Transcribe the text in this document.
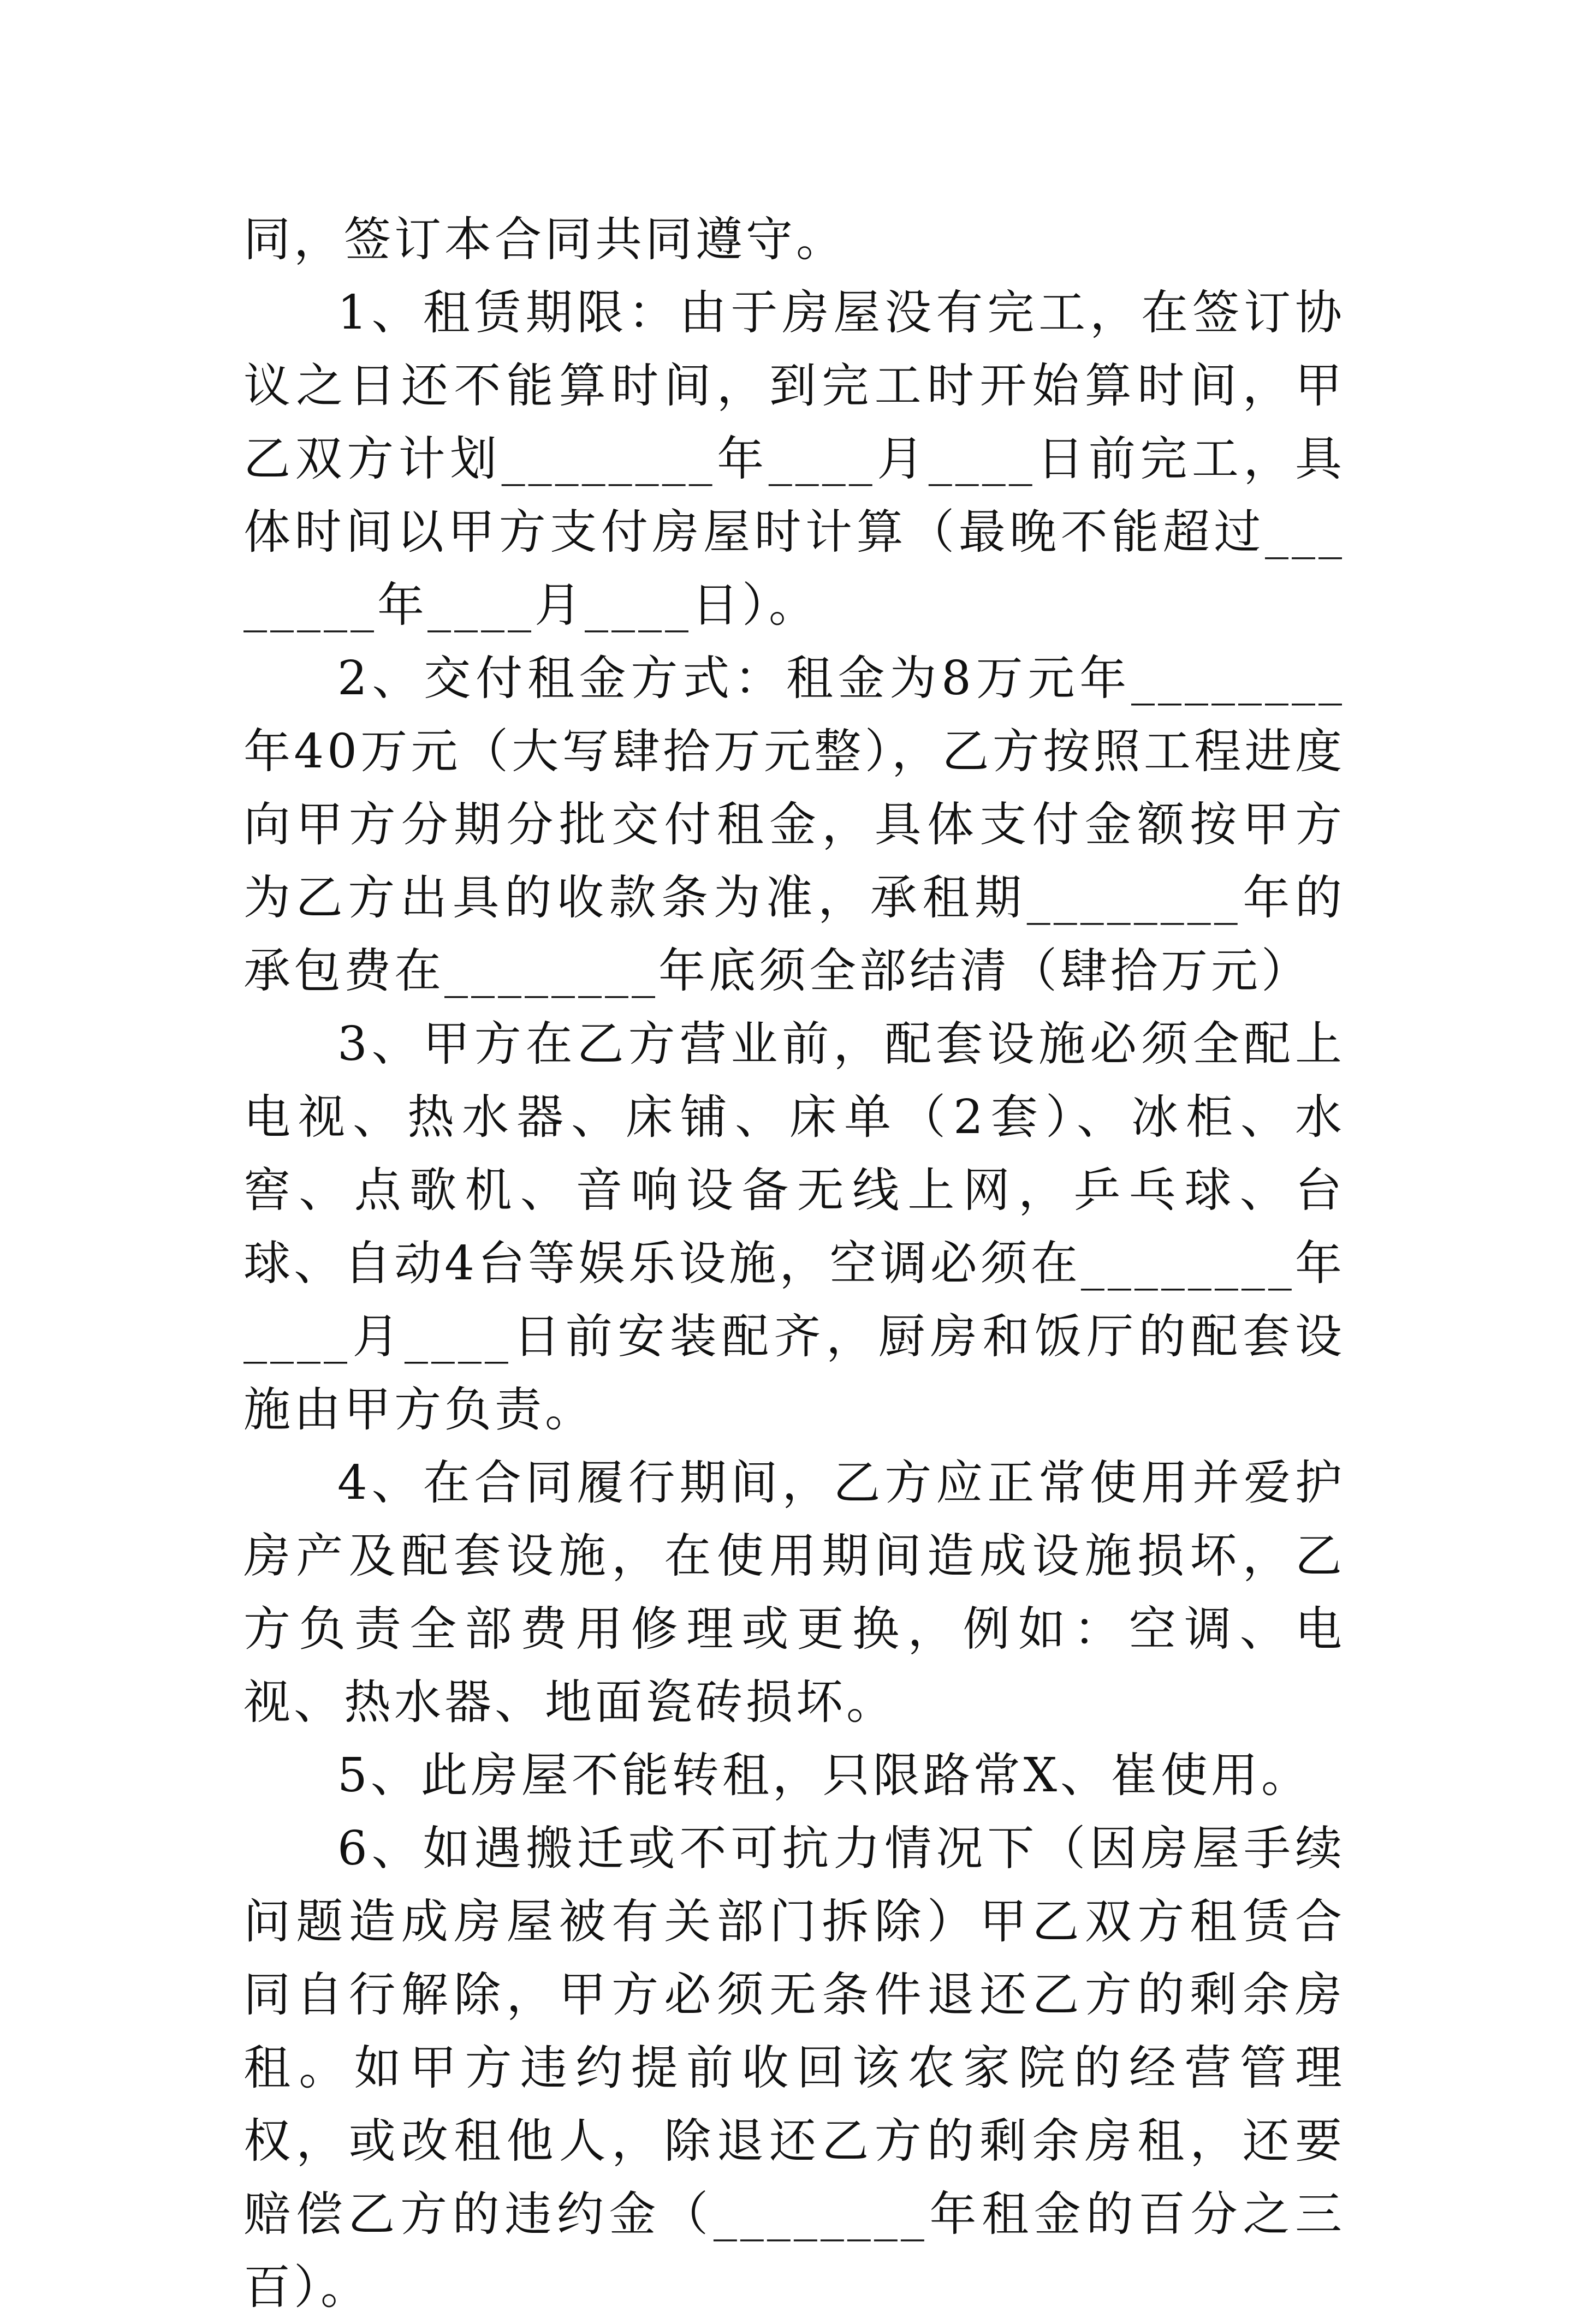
同，签订本合同共同遵守。

1、租赁期限：由于房屋没有完工，在签订协议之日还不能算时间，到完工时开始算时间，甲乙双方计划________年____月____日前完工，具体时间以甲方支付房屋时计算（最晚不能超过________年____月____日）。

2、交付租金方式：租金为8万元年________年40万元（大写肆拾万元整），乙方按照工程进度向甲方分期分批交付租金，具体支付金额按甲方为乙方出具的收款条为准，承租期________年的承包费在________年底须全部结清（肆拾万元）

3、甲方在乙方营业前，配套设施必须全配上电视、热水器、床铺、床单（2套）、冰柜、水窖、点歌机、音响设备无线上网，乒乓球、台球、自动4台等娱乐设施，空调必须在________年____月____日前安装配齐，厨房和饭厅的配套设施由甲方负责。

4、在合同履行期间，乙方应正常使用并爱护房产及配套设施，在使用期间造成设施损坏，乙方负责全部费用修理或更换，例如：空调、电视、热水器、地面瓷砖损坏。

5、此房屋不能转租，只限路常X、崔使用。

6、如遇搬迁或不可抗力情况下（因房屋手续问题造成房屋被有关部门拆除）甲乙双方租赁合同自行解除，甲方必须无条件退还乙方的剩余房租。如甲方违约提前收回该农家院的经营管理权，或改租他人，除退还乙方的剩余房租，还要赔偿乙方的违约金（________年租金的百分之三百）。
